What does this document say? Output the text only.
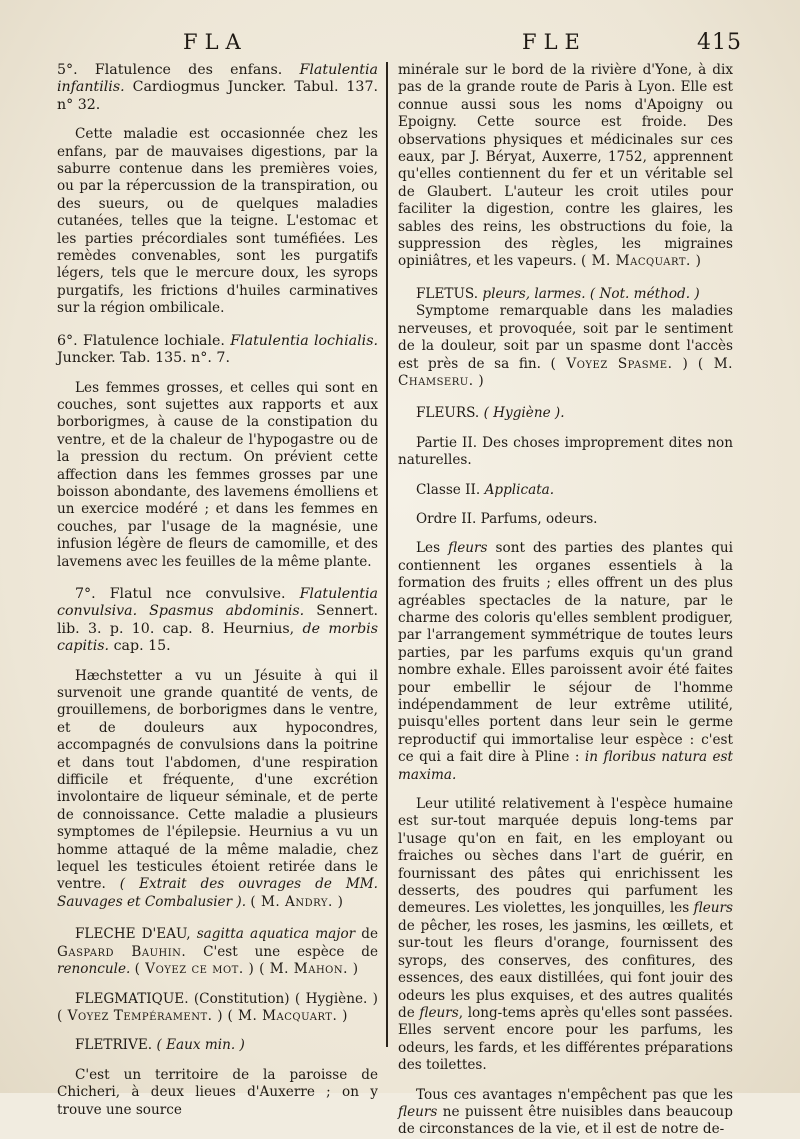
FLA	FLE	415

5°. Flatulence des enfans. Flatulentia infantilis. Cardiogmus Juncker. Tabul. 137. n° 32.

Cette maladie est occasionnée chez les enfans, par de mauvaises digestions, par la saburre contenue dans les premières voies, ou par la répercussion de la transpiration, ou des sueurs, ou de quelques maladies cutanées, telles que la teigne. L'estomac et les parties précordiales sont tuméfiées. Les remèdes convenables, sont les purgatifs légers, tels que le mercure doux, les syrops purgatifs, les frictions d'huiles carminatives sur la région ombilicale.

6°. Flatulence lochiale. Flatulentia lochialis. Juncker. Tab. 135. n°. 7.

Les femmes grosses, et celles qui sont en couches, sont sujettes aux rapports et aux borborigmes, à cause de la constipation du ventre, et de la chaleur de l'hypogastre ou de la pression du rectum. On prévient cette affection dans les femmes grosses par une boisson abondante, des lavemens émolliens et un exercice modéré ; et dans les femmes en couches, par l'usage de la magnésie, une infusion légère de fleurs de camomille, et des lavemens avec les feuilles de la même plante.

7°. Flatul nce convulsive. Flatulentia convulsiva. Spasmus abdominis. Sennert. lib. 3. p. 10. cap. 8. Heurnius, de morbis capitis. cap. 15.

Hæchstetter a vu un Jésuite à qui il survenoit une grande quantité de vents, de grouillemens, de borborigmes dans le ventre, et de douleurs aux hypocondres, accompagnés de convulsions dans la poitrine et dans tout l'abdomen, d'une respiration difficile et fréquente, d'une excrétion involontaire de liqueur séminale, et de perte de connoissance. Cette maladie a plusieurs symptomes de l'épilepsie. Heurnius a vu un homme attaqué de la même maladie, chez lequel les testicules étoient retirée dans le ventre. ( Extrait des ouvrages de MM. Sauvages et Combalusier ). ( M. Andry. )

FLECHE D'EAU, sagitta aquatica major de Gaspard Bauhin. C'est une espèce de renoncule. ( Voyez ce mot. ) ( M. Mahon. )

FLEGMATIQUE. (Constitution) ( Hygiène. ) ( Voyez Tempérament. ) ( M. Macquart. )

FLETRIVE. ( Eaux min. )

C'est un territoire de la paroisse de Chicheri, à deux lieues d'Auxerre ; on y trouve une source

minérale sur le bord de la rivière d'Yone, à dix pas de la grande route de Paris à Lyon. Elle est connue aussi sous les noms d'Apoigny ou Epoigny. Cette source est froide. Des observations physiques et médicinales sur ces eaux, par J. Béryat, Auxerre, 1752, apprennent qu'elles contiennent du fer et un véritable sel de Glaubert. L'auteur les croit utiles pour faciliter la digestion, contre les glaires, les sables des reins, les obstructions du foie, la suppression des règles, les migraines opiniâtres, et les vapeurs. ( M. Macquart. )

FLETUS. pleurs, larmes. ( Not. méthod. )

Symptome remarquable dans les maladies nerveuses, et provoquée, soit par le sentiment de la douleur, soit par un spasme dont l'accès est près de sa fin. ( Voyez Spasme. ) ( M. Chamseru. )

FLEURS. ( Hygiène ).

Partie II. Des choses improprement dites non naturelles.

Classe II. Applicata.

Ordre II. Parfums, odeurs.

Les fleurs sont des parties des plantes qui contiennent les organes essentiels à la formation des fruits ; elles offrent un des plus agréables spectacles de la nature, par le charme des coloris qu'elles semblent prodiguer, par l'arrangement symmétrique de toutes leurs parties, par les parfums exquis qu'un grand nombre exhale. Elles paroissent avoir été faites pour embellir le séjour de l'homme indépendamment de leur extrême utilité, puisqu'elles portent dans leur sein le germe reproductif qui immortalise leur espèce : c'est ce qui a fait dire à Pline : in floribus natura est maxima.

Leur utilité relativement à l'espèce humaine est sur-tout marquée depuis long-tems par l'usage qu'on en fait, en les employant ou fraiches ou sèches dans l'art de guérir, en fournissant des pâtes qui enrichissent les desserts, des poudres qui parfument les demeures. Les violettes, les jonquilles, les fleurs de pêcher, les roses, les jasmins, les œillets, et sur-tout les fleurs d'orange, fournissent des syrops, des conserves, des confitures, des essences, des eaux distillées, qui font jouir des odeurs les plus exquises, et des autres qualités de fleurs, long-tems après qu'elles sont passées. Elles servent encore pour les parfums, les odeurs, les fards, et les différentes préparations des toilettes.

Tous ces avantages n'empêchent pas que les fleurs ne puissent être nuisibles dans beaucoup de circonstances de la vie, et il est de notre de-
